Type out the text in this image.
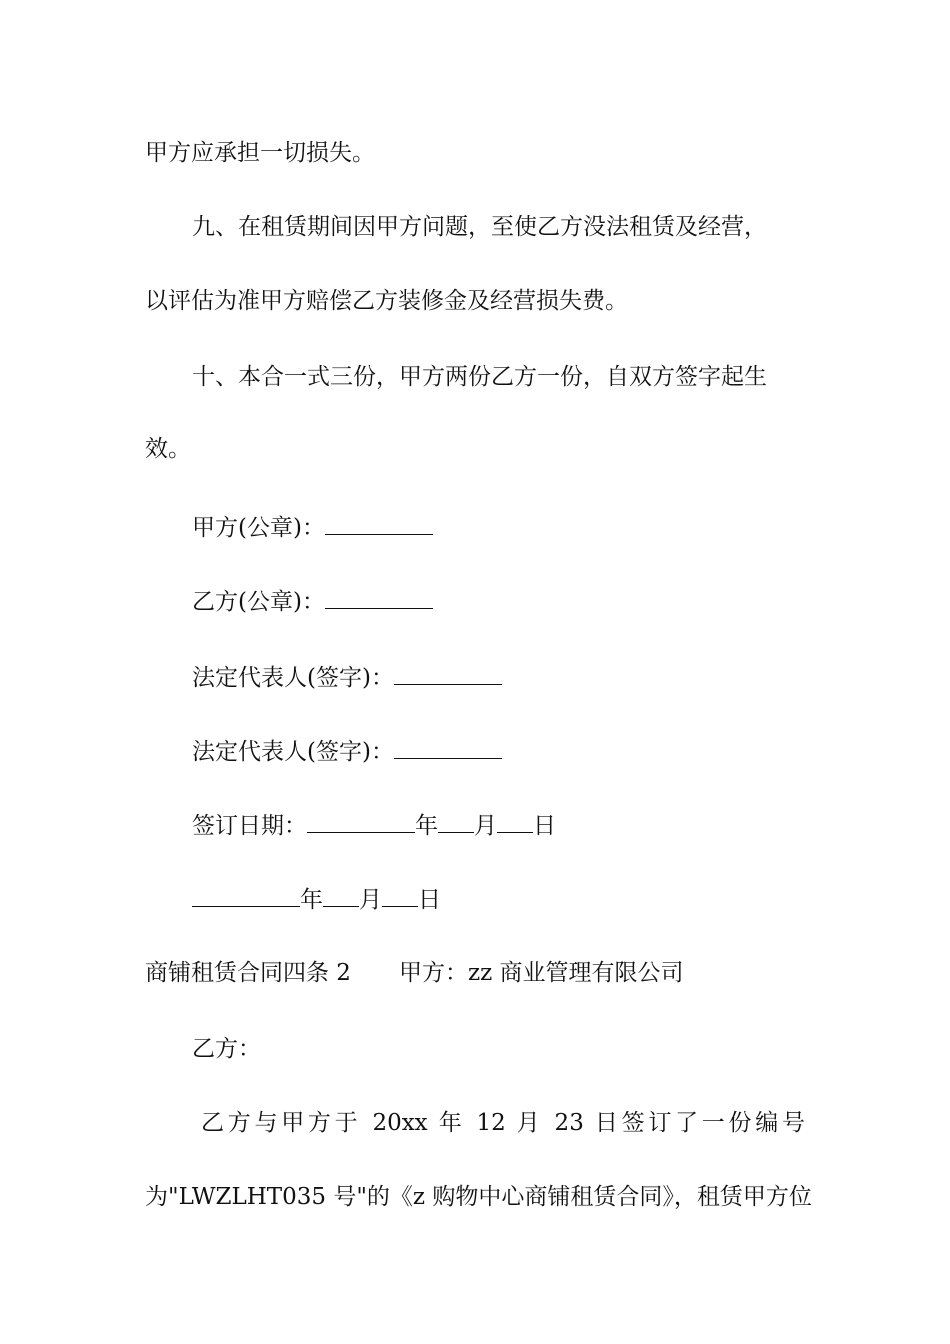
甲方应承担一切损失。
九、在租赁期间因甲方问题，至使乙方没法租赁及经营，
以评估为准甲方赔偿乙方装修金及经营损失费。
十、本合一式三份，甲方两份乙方一份，自双方签字起生
效。
甲方(公章)：
乙方(公章)：
法定代表人(签字)：
法定代表人(签字)：
签订日期：	年 月 日
年 月 日
商铺租赁合同四条 2 甲方：zz 商业管理有限公司
乙方：
乙方与甲方于 20xx 年 12 月 23 日签订了一份编号
为"LWZLHT035 号"的《z 购物中心商铺租赁合同》，租赁甲方位
